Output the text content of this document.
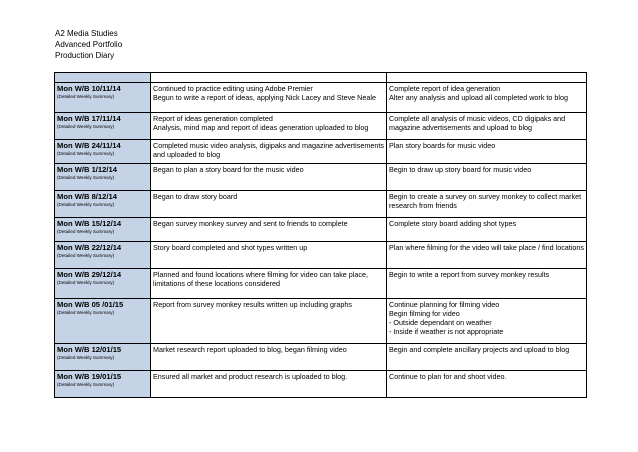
A2 Media Studies
Advanced Portfolio
Production Diary

Mon W/B 10/11/14
(Detailed Weekly Summary)	Continued to practice editing using Adobe Premier
Begun to write a report of ideas, applying Nick Lacey and Steve Neale	Complete report of idea generation
Alter any analysis and upload all completed work to blog

Mon W/B 17/11/14
(Detailed Weekly Summary)	Report of ideas generation completed
Analysis, mind map and report of ideas generation uploaded to blog	Complete all analysis of music videos, CD digipaks and magazine advertisements and upload to blog

Mon W/B 24/11/14
(Detailed Weekly Summary)	Completed music video analysis, digipaks and magazine advertisements and uploaded to blog	Plan story boards for music video

Mon W/B 1/12/14
(Detailed Weekly Summary)	Began to plan a story board for the music video	Begin to draw up story board for music video

Mon W/B 8/12/14
(Detailed Weekly Summary)	Began to draw story board	Begin to create a survey on survey monkey to collect market research from friends

Mon W/B 15/12/14
(Detailed Weekly Summary)	Began survey monkey survey and sent to friends to complete	Complete story board adding shot types

Mon W/B 22/12/14
(Detailed Weekly Summary)	Story board completed and shot types written up	Plan where filming for the video will take place / find locations

Mon W/B 29/12/14
(Detailed Weekly Summary)	Planned and found locations where filming for video can take place, limitations of these locations considered	Begin to write a report from survey monkey results

Mon W/B 05 /01/15
(Detailed Weekly Summary)	Report from survey monkey results written up including graphs	Continue planning for filming video
Begin filming for video
- Outside dependant on weather
- Inside if weather is not appropriate

Mon W/B 12/01/15
(Detailed Weekly Summary)	Market research report uploaded to blog, began filming video	Begin and complete ancillary projects and upload to blog

Mon W/B 19/01/15
(Detailed Weekly Summary)	Ensured all market and product research is uploaded to blog.	Continue to plan for and shoot video.
